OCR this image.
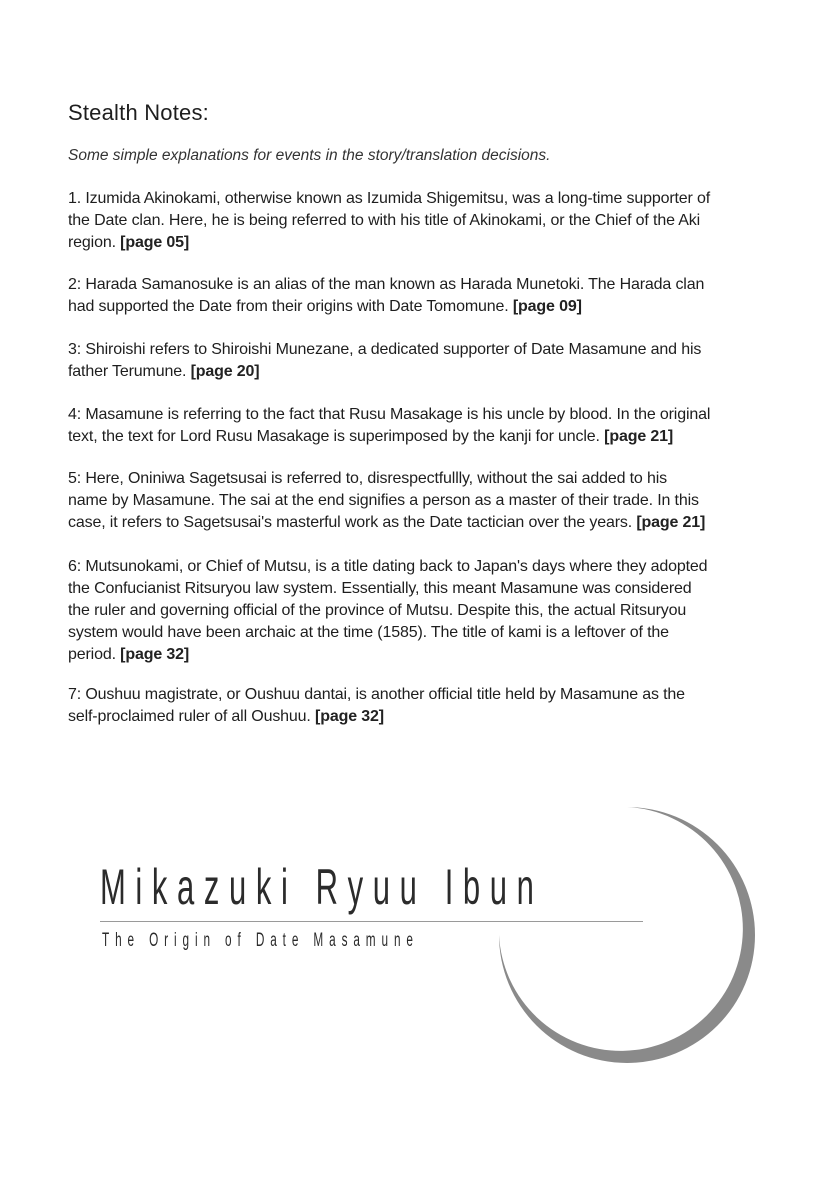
Stealth Notes:
Some simple explanations for events in the story/translation decisions.
1. Izumida Akinokami, otherwise known as Izumida Shigemitsu, was a long-time supporter of
the Date clan. Here, he is being referred to with his title of Akinokami, or the Chief of the Aki
region. [page 05]
2: Harada Samanosuke is an alias of the man known as Harada Munetoki. The Harada clan
had supported the Date from their origins with Date Tomomune. [page 09]
3: Shiroishi refers to Shiroishi Munezane, a dedicated supporter of Date Masamune and his
father Terumune. [page 20]
4: Masamune is referring to the fact that Rusu Masakage is his uncle by blood. In the original
text, the text for Lord Rusu Masakage is superimposed by the kanji for uncle. [page 21]
5: Here, Oniniwa Sagetsusai is referred to, disrespectfullly, without the sai added to his
name by Masamune. The sai at the end signifies a person as a master of their trade. In this
case, it refers to Sagetsusai's masterful work as the Date tactician over the years. [page 21]
6: Mutsunokami, or Chief of Mutsu, is a title dating back to Japan's days where they adopted
the Confucianist Ritsuryou law system. Essentially, this meant Masamune was considered
the ruler and governing official of the province of Mutsu. Despite this, the actual Ritsuryou
system would have been archaic at the time (1585). The title of kami is a leftover of the
period. [page 32]
7: Oushuu magistrate, or Oushuu dantai, is another official title held by Masamune as the
self-proclaimed ruler of all Oushuu. [page 32]
Mikazuki Ryuu Ibun
The Origin of Date Masamune
